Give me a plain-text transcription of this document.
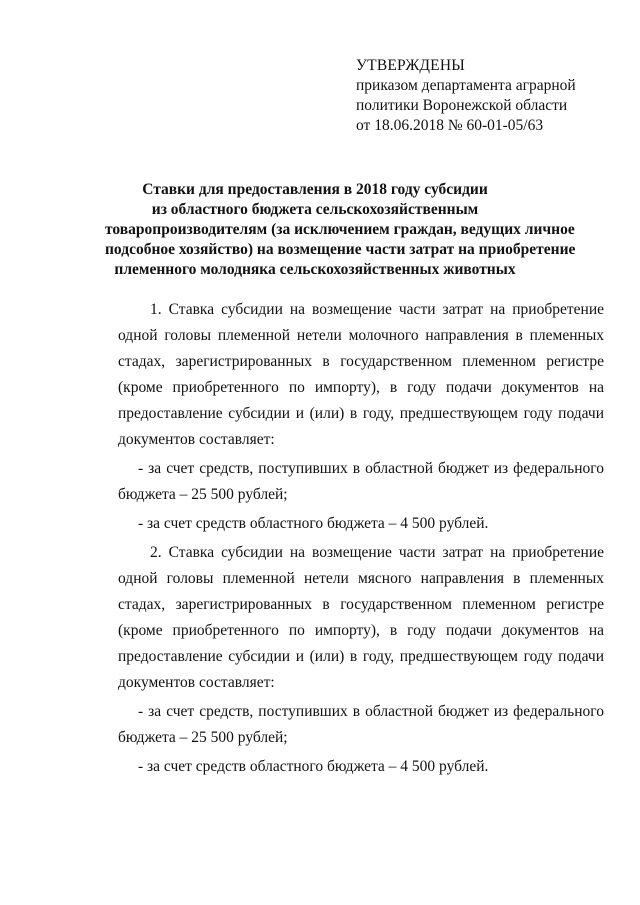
УТВЕРЖДЕНЫ
приказом департамента аграрной
политики Воронежской области
от 18.06.2018 № 60-01-05/63
Ставки для предоставления в 2018 году субсидии
из областного бюджета сельскохозяйственным
товаропроизводителям (за исключением граждан, ведущих личное
подсобное хозяйство) на возмещение части затрат на приобретение
племенного молодняка сельскохозяйственных животных

1. Ставка субсидии на возмещение части затрат на приобретение одной головы племенной нетели молочного направления в племенных стадах, зарегистрированных в государственном племенном регистре (кроме приобретенного по импорту), в году подачи документов на предоставление субсидии и (или) в году, предшествующем году подачи документов составляет:

- за счет средств, поступивших в областной бюджет из федерального бюджета – 25 500 рублей;

- за счет средств областного бюджета – 4 500 рублей.

2. Ставка субсидии на возмещение части затрат на приобретение одной головы племенной нетели мясного направления в племенных стадах, зарегистрированных в государственном племенном регистре (кроме приобретенного по импорту), в году подачи документов на предоставление субсидии и (или) в году, предшествующем году подачи документов составляет:

- за счет средств, поступивших в областной бюджет из федерального бюджета – 25 500 рублей;

- за счет средств областного бюджета – 4 500 рублей.
